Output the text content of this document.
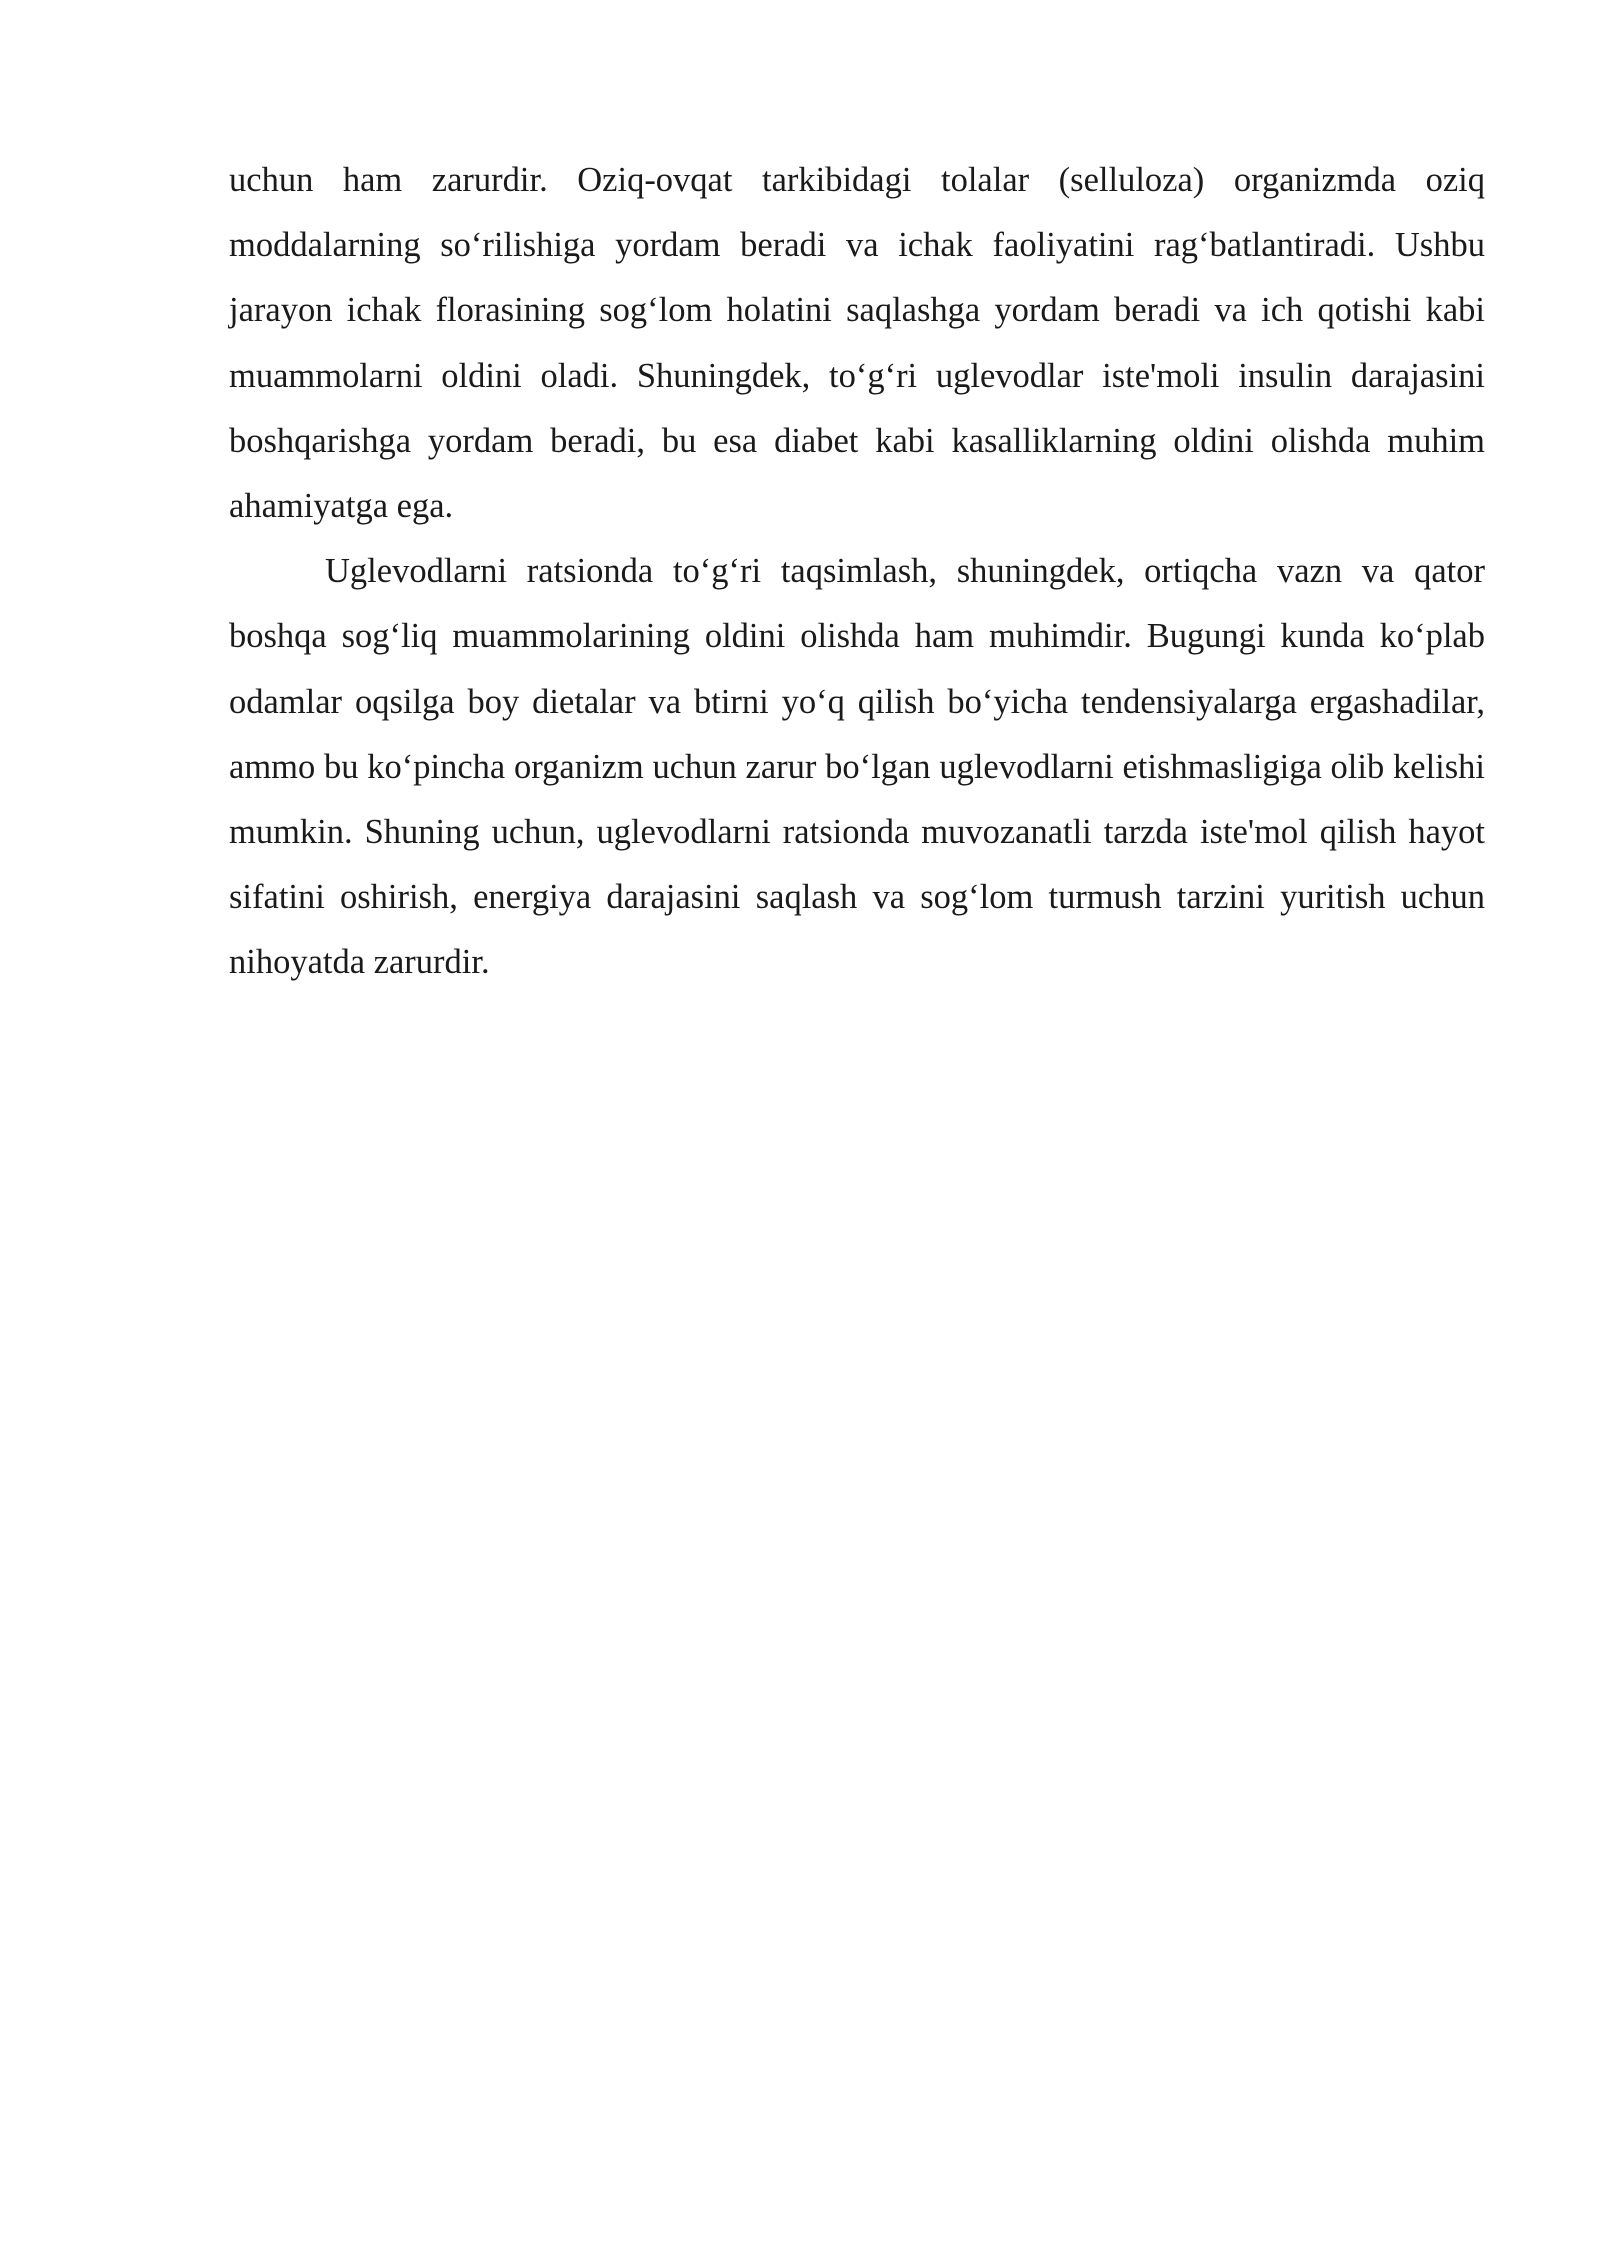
uchun ham zarurdir. Oziq-ovqat tarkibidagi tolalar (selluloza) organizmda oziq moddalarning so‘rilishiga yordam beradi va ichak faoliyatini rag‘batlantiradi. Ushbu jarayon ichak florasining sog‘lom holatini saqlashga yordam beradi va ich qotishi kabi muammolarni oldini oladi. Shuningdek, to‘g‘ri uglevodlar iste'moli insulin darajasini boshqarishga yordam beradi, bu esa diabet kabi kasalliklarning oldini olishda muhim ahamiyatga ega.

Uglevodlarni ratsionda to‘g‘ri taqsimlash, shuningdek, ortiqcha vazn va qator boshqa sog‘liq muammolarining oldini olishda ham muhimdir. Bugungi kunda ko‘plab odamlar oqsilga boy dietalar va btirni yo‘q qilish bo‘yicha tendensiyalarga ergashadilar, ammo bu ko‘pincha organizm uchun zarur bo‘lgan uglevodlarni etishmasligiga olib kelishi mumkin. Shuning uchun, uglevodlarni ratsionda muvozanatli tarzda iste'mol qilish hayot sifatini oshirish, energiya darajasini saqlash va sog‘lom turmush tarzini yuritish uchun nihoyatda zarurdir.
